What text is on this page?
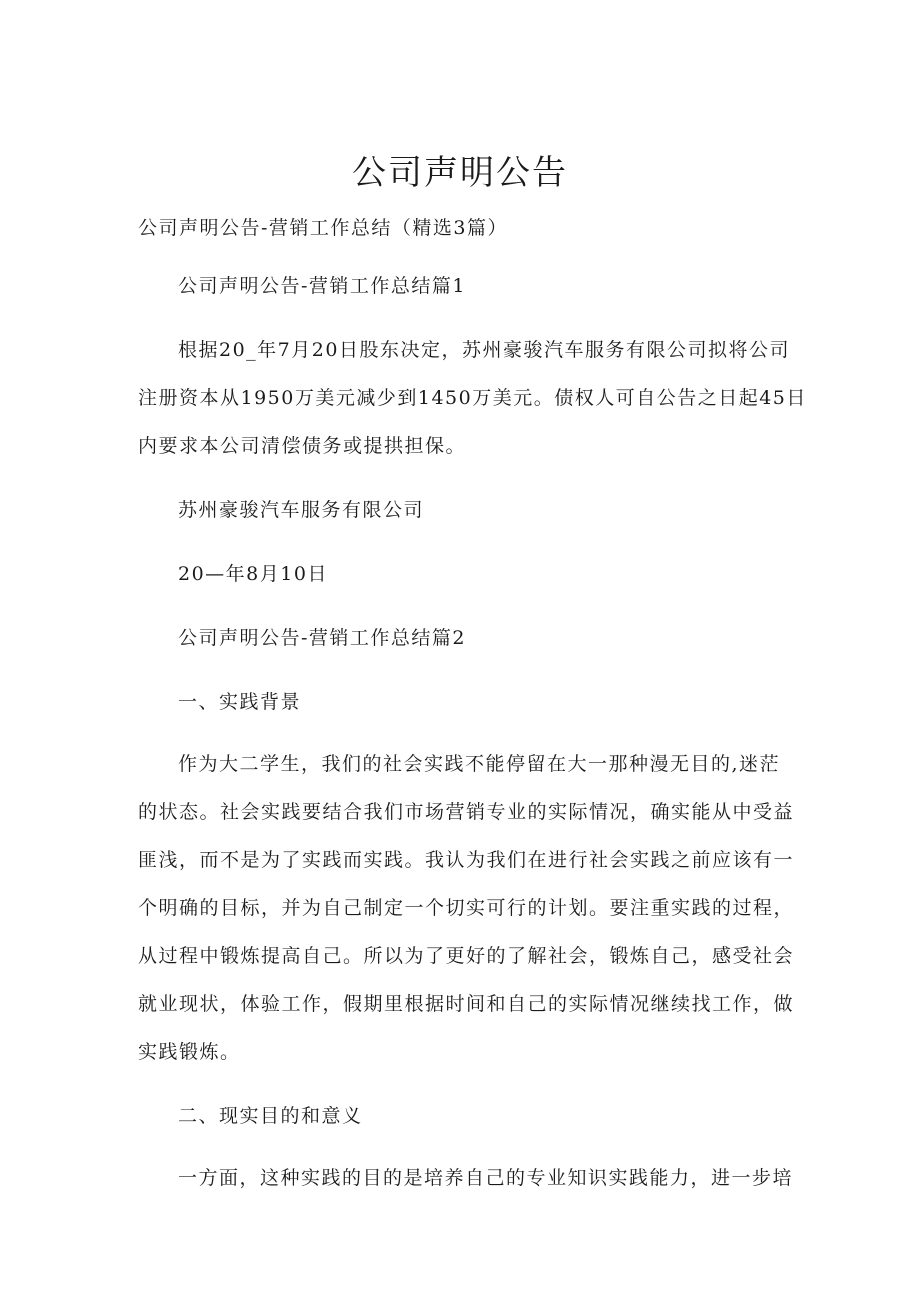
公司声明公告
公司声明公告-营销工作总结（精选3篇）
公司声明公告-营销工作总结篇1
根据20_年7月20日股东决定，苏州豪骏汽车服务有限公司拟将公司
注册资本从1950万美元减少到1450万美元。债权人可自公告之日起45日
内要求本公司清偿债务或提拱担保。
苏州豪骏汽车服务有限公司
20—年8月10日
公司声明公告-营销工作总结篇2
一、实践背景
作为大二学生，我们的社会实践不能停留在大一那种漫无目的,迷茫
的状态。社会实践要结合我们市场营销专业的实际情况，确实能从中受益
匪浅，而不是为了实践而实践。我认为我们在进行社会实践之前应该有一
个明确的目标，并为自己制定一个切实可行的计划。要注重实践的过程，
从过程中锻炼提高自己。所以为了更好的了解社会，锻炼自己，感受社会
就业现状，体验工作，假期里根据时间和自己的实际情况继续找工作，做
实践锻炼。
二、现实目的和意义
一方面，这种实践的目的是培养自己的专业知识实践能力，进一步培
